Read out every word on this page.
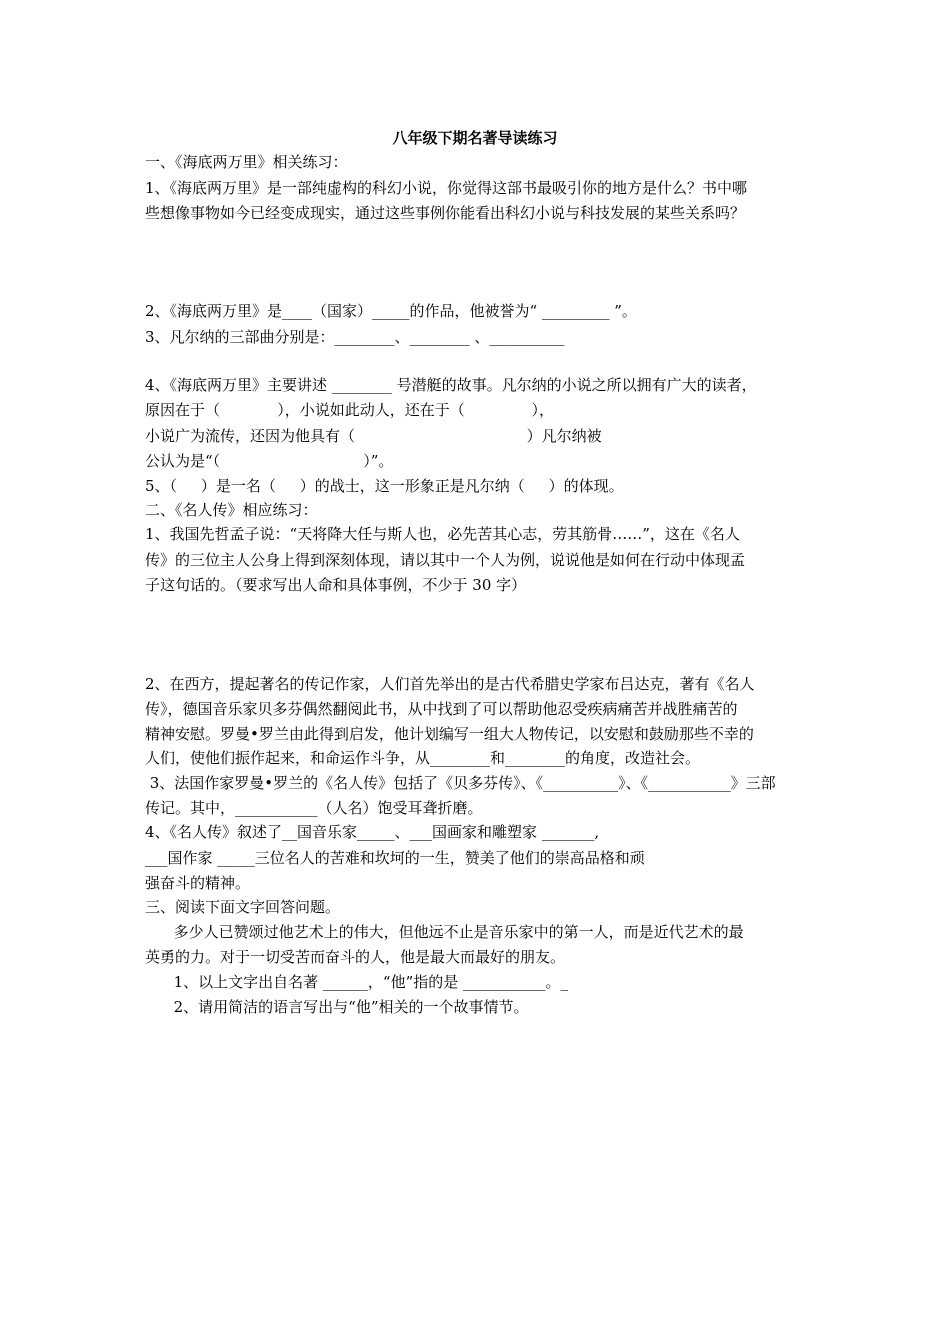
八年级下期名著导读练习
一、《海底两万里》相关练习：
1、《海底两万里》是一部纯虚构的科幻小说，你觉得这部书最吸引你的地方是什么？书中哪
些想像事物如今已经变成现实，通过这些事例你能看出科幻小说与科技发展的某些关系吗？
2、《海底两万里》是____（国家）_____的作品，他被誉为“ _________ ”。
3、凡尔纳的三部曲分别是：________、________ 、__________
4、《海底两万里》主要讲述 ________ 号潜艇的故事。凡尔纳的小说之所以拥有广大的读者，
原因在于（            ），小说如此动人，还在于（              ），
小说广为流传，还因为他具有（                                    ）凡尔纳被
公认为是“（                              ）”。
5、（     ）是一名（     ）的战士，这一形象正是凡尔纳（     ）的体现。
二、《名人传》相应练习：
1、我国先哲孟子说：“天将降大任与斯人也，必先苦其心志，劳其筋骨……”，这在《名人
传》的三位主人公身上得到深刻体现，请以其中一个人为例，说说他是如何在行动中体现孟
子这句话的。（要求写出人命和具体事例，不少于 30 字）
2、在西方，提起著名的传记作家，人们首先举出的是古代希腊史学家布吕达克，著有《名人
传》，德国音乐家贝多芬偶然翻阅此书，从中找到了可以帮助他忍受疾病痛苦并战胜痛苦的
精神安慰。罗曼•罗兰由此得到启发，他计划编写一组大人物传记，以安慰和鼓励那些不幸的
人们，使他们振作起来，和命运作斗争，从________和________的角度，改造社会。
3、法国作家罗曼•罗兰的《名人传》包括了《贝多芬传》、《__________》、《___________》三部
传记。其中，___________（人名）饱受耳聋折磨。
4、《名人传》叙述了__国音乐家_____、___国画家和雕塑家 _______,
___国作家 _____三位名人的苦难和坎坷的一生，赞美了他们的崇高品格和顽
强奋斗的精神。
三、阅读下面文字回答问题。
多少人已赞颂过他艺术上的伟大，但他远不止是音乐家中的第一人，而是近代艺术的最
英勇的力。对于一切受苦而奋斗的人，他是最大而最好的朋友。
1、以上文字出自名著 ______，“他”指的是 ___________。_
2、请用简洁的语言写出与“他”相关的一个故事情节。
